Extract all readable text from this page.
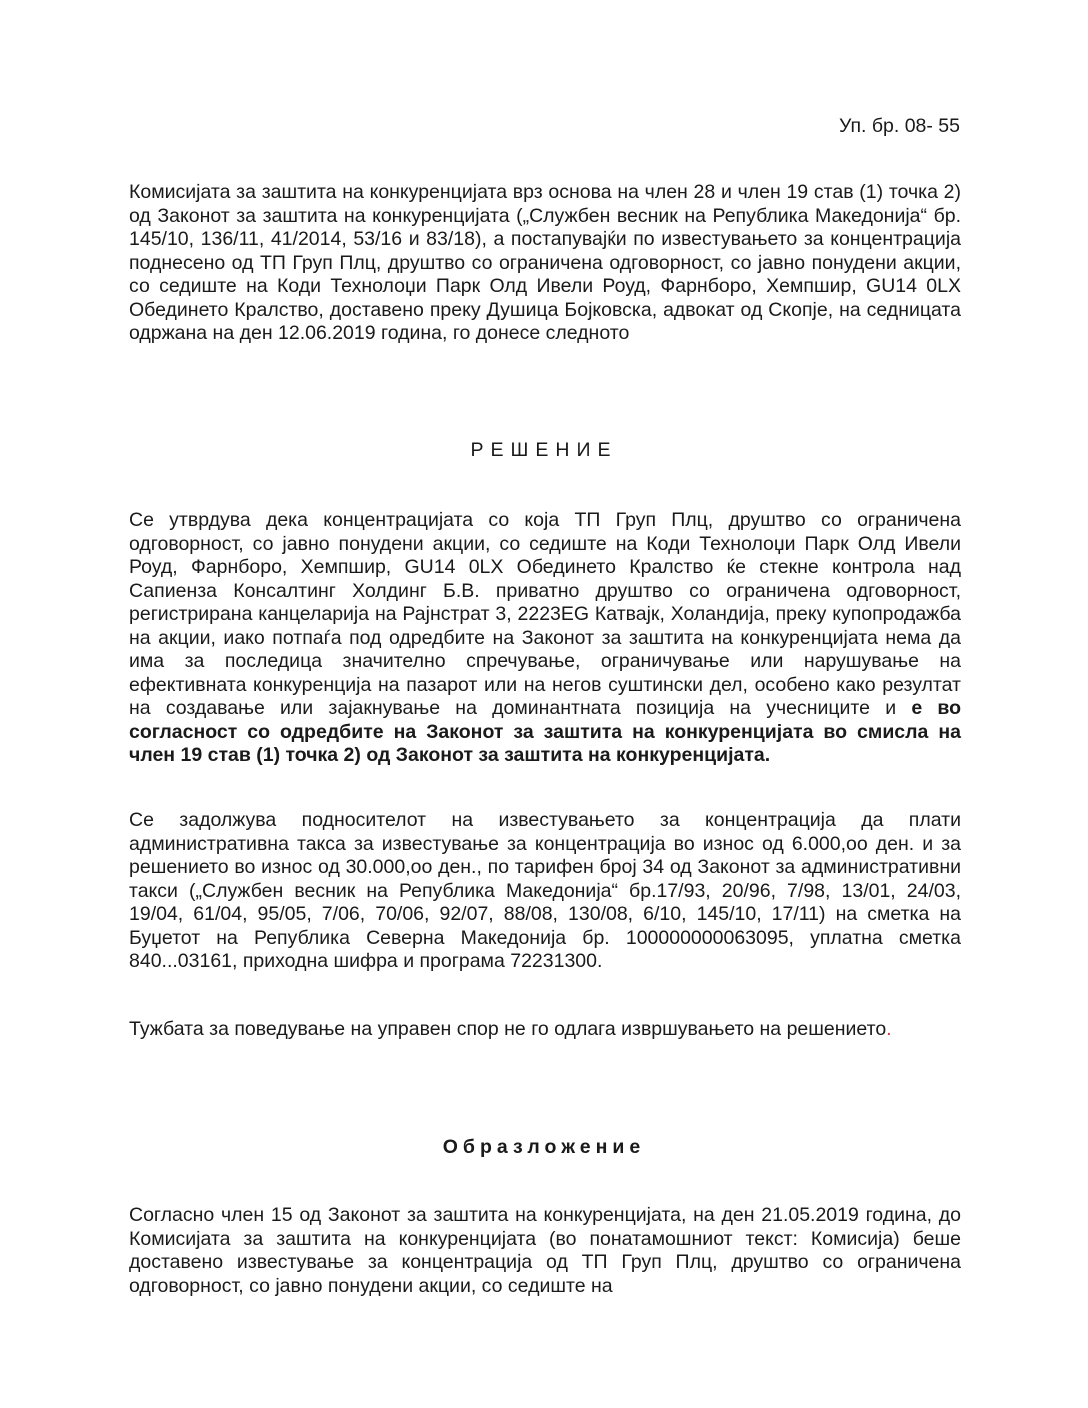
Уп. бр. 08- 55

Комисијата за заштита на конкуренцијата врз основа на член 28 и член 19 став (1) точка 2) од Законот за заштита на конкуренцијата („Службен весник на Република Македонија“ бр. 145/10, 136/11, 41/2014, 53/16 и 83/18), а постапувајќи по известувањето за концентрација поднесено од ТП Груп Плц, друштво со ограничена одговорност, со јавно понудени акции, со седиште на Коди Технолоџи Парк Олд Ивели Роуд, Фарнборо, Хемпшир, GU14 0LX Обединето Кралство, доставено преку Душица Бојковска, адвокат од Скопје, на седницата одржана на ден 12.06.2019 година, го донесе следното

РЕШЕНИЕ

Се утврдува дека концентрацијата со која ТП Груп Плц, друштво со ограничена одговорност, со јавно понудени акции, со седиште на Коди Технолоџи Парк Олд Ивели Роуд, Фарнборо, Хемпшир, GU14 0LX Обединето Кралство ќе стекне контрола над Сапиенза Консалтинг Холдинг Б.В. приватно друштво со ограничена одговорност, регистрирана канцеларија на Рајнстрат 3, 2223EG Катвајк, Холандија, преку купопродажба на акции, иако потпаѓа под одредбите на Законот за заштита на конкуренцијата нема да има за последица значително спречување, ограничување или нарушување на ефективната конкуренција на пазарот или на негов суштински дел, особено како резултат на создавање или зајакнување на доминантната позиција на учесниците и е во согласност со одредбите на Законот за заштита на конкуренцијата во смисла на член 19 став (1) точка 2) од Законот за заштита на конкуренцијата.

Се задолжува подносителот на известувањето за концентрација да плати административна такса за известување за концентрација во износ од 6.000,оо ден. и за решението во износ од 30.000,оо ден., по тарифен број 34 од Законот за административни такси („Службен весник на Република Македонија“ бр.17/93, 20/96, 7/98, 13/01, 24/03, 19/04, 61/04, 95/05, 7/06, 70/06, 92/07, 88/08, 130/08, 6/10, 145/10, 17/11) на сметка на Буџетот на Република Северна Македонија бр. 100000000063095, уплатна сметка 840...03161, приходна шифра и програма 72231300.

Тужбата за поведување на управен спор не го одлага извршувањето на решението.

Образложение

Согласно член 15 од Законот за заштита на конкуренцијата, на ден 21.05.2019 година, до Комисијата за заштита на конкуренцијата (во понатамошниот текст: Комисија) беше доставено известување за концентрација од ТП Груп Плц, друштво со ограничена одговорност, со јавно понудени акции, со седиште на
